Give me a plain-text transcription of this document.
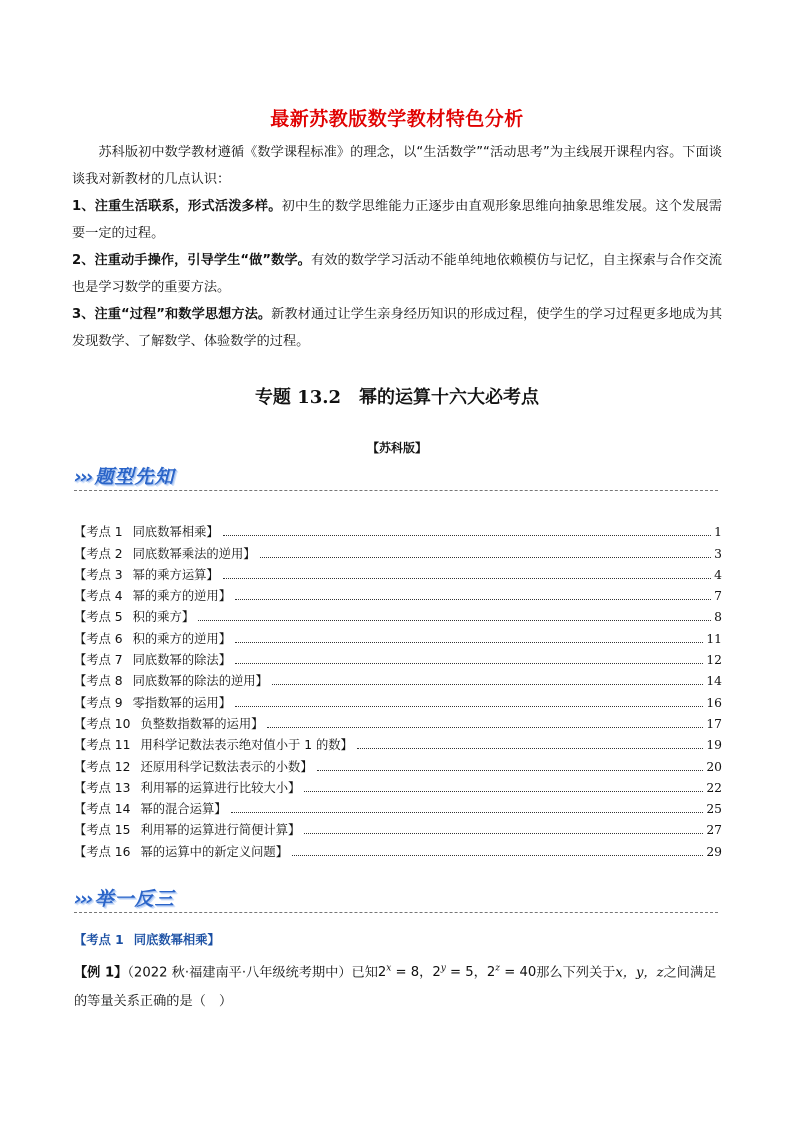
最新苏教版数学教材特色分析
苏科版初中数学教材遵循《数学课程标准》的理念，以“生活数学”“活动思考”为主线展开课程内容。下面谈谈我对新教材的几点认识：
1、注重生活联系，形式活泼多样。初中生的数学思维能力正逐步由直观形象思维向抽象思维发展。这个发展需要一定的过程。
2、注重动手操作，引导学生“做”数学。有效的数学学习活动不能单纯地依赖模仿与记忆，自主探索与合作交流也是学习数学的重要方法。
3、注重“过程”和数学思想方法。新教材通过让学生亲身经历知识的形成过程，使学生的学习过程更多地成为其发现数学、了解数学、体验数学的过程。
专题 13.2 幂的运算十六大必考点
【苏科版】
››› 题型先知
【考点 1 同底数幂相乘】	1
【考点 2 同底数幂乘法的逆用】	3
【考点 3 幂的乘方运算】	4
【考点 4 幂的乘方的逆用】	7
【考点 5 积的乘方】	8
【考点 6 积的乘方的逆用】	11
【考点 7 同底数幂的除法】	12
【考点 8 同底数幂的除法的逆用】	14
【考点 9 零指数幂的运用】	16
【考点 10 负整数指数幂的运用】	17
【考点 11 用科学记数法表示绝对值小于 1 的数】	19
【考点 12 还原用科学记数法表示的小数】	20
【考点 13 利用幂的运算进行比较大小】	22
【考点 14 幂的混合运算】	25
【考点 15 利用幂的运算进行简便计算】	27
【考点 16 幂的运算中的新定义问题】	29
››› 举一反三
【考点 1 同底数幂相乘】
【例 1】（2022 秋·福建南平·八年级统考期中）已知$2^x = 8$，$2^y = 5$，$2^z = 40$那么下列关于x，y，z之间满足的等量关系正确的是（　）
